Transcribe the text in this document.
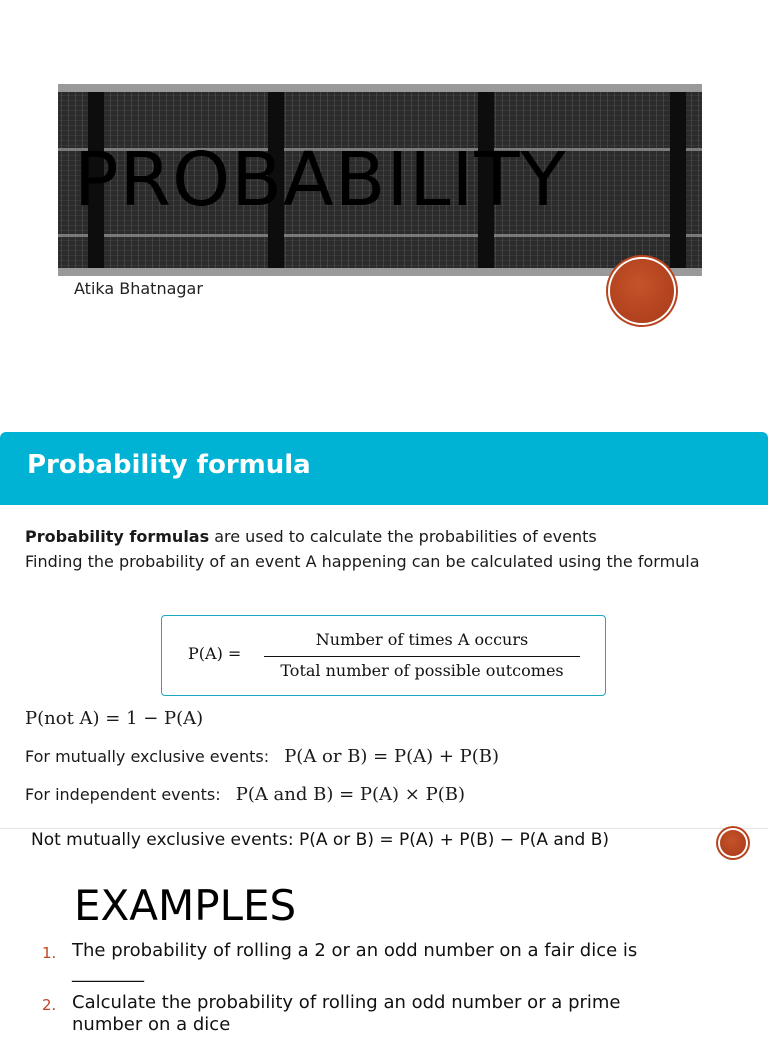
PROBABILITY
Atika Bhatnagar
Probability formula
Probability formulas are used to calculate the probabilities of events
Finding the probability of an event A happening can be calculated using the formula
P(A) =
Number of times A occurs
Total number of possible outcomes
P(not A) = 1 − P(A)
For mutually exclusive events: P(A or B) = P(A) + P(B)
For independent events: P(A and B) = P(A) × P(B)
Not mutually exclusive events: P(A or B) = P(A) + P(B) − P(A and B)
EXAMPLES
1. The probability of rolling a 2 or an odd number on a fair dice is ________
2. Calculate the probability of rolling an odd number or a prime number on a dice
